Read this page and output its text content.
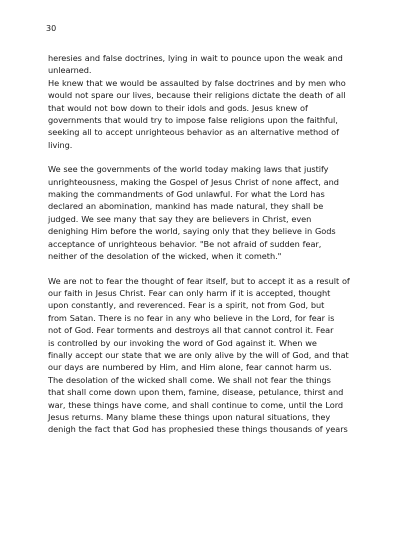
30

heresies and false doctrines, lying in wait to pounce upon the weak and
unlearned.

He knew that we would be assaulted by false doctrines and by men who
would not spare our lives, because their religions dictate the death of all
that would not bow down to their idols and gods. Jesus knew of
governments that would try to impose false religions upon the faithful,
seeking all to accept unrighteous behavior as an alternative method of
living.

We see the governments of the world today making laws that justify
unrighteousness, making the Gospel of Jesus Christ of none affect, and
making the commandments of God unlawful. For what the Lord has
declared an abomination, mankind has made natural, they shall be
judged. We see many that say they are believers in Christ, even
denighing Him before the world, saying only that they believe in Gods
acceptance of unrighteous behavior. "Be not afraid of sudden fear,
neither of the desolation of the wicked, when it cometh."

We are not to fear the thought of fear itself, but to accept it as a result of
our faith in Jesus Christ. Fear can only harm if it is accepted, thought
upon constantly, and reverenced. Fear is a spirit, not from God, but
from Satan. There is no fear in any who believe in the Lord, for fear is
not of God. Fear torments and destroys all that cannot control it. Fear
is controlled by our invoking the word of God against it. When we
finally accept our state that we are only alive by the will of God, and that
our days are numbered by Him, and Him alone, fear cannot harm us.
The desolation of the wicked shall come. We shall not fear the things
that shall come down upon them, famine, disease, petulance, thirst and
war, these things have come, and shall continue to come, until the Lord
Jesus returns. Many blame these things upon natural situations, they
denigh the fact that God has prophesied these things thousands of years
